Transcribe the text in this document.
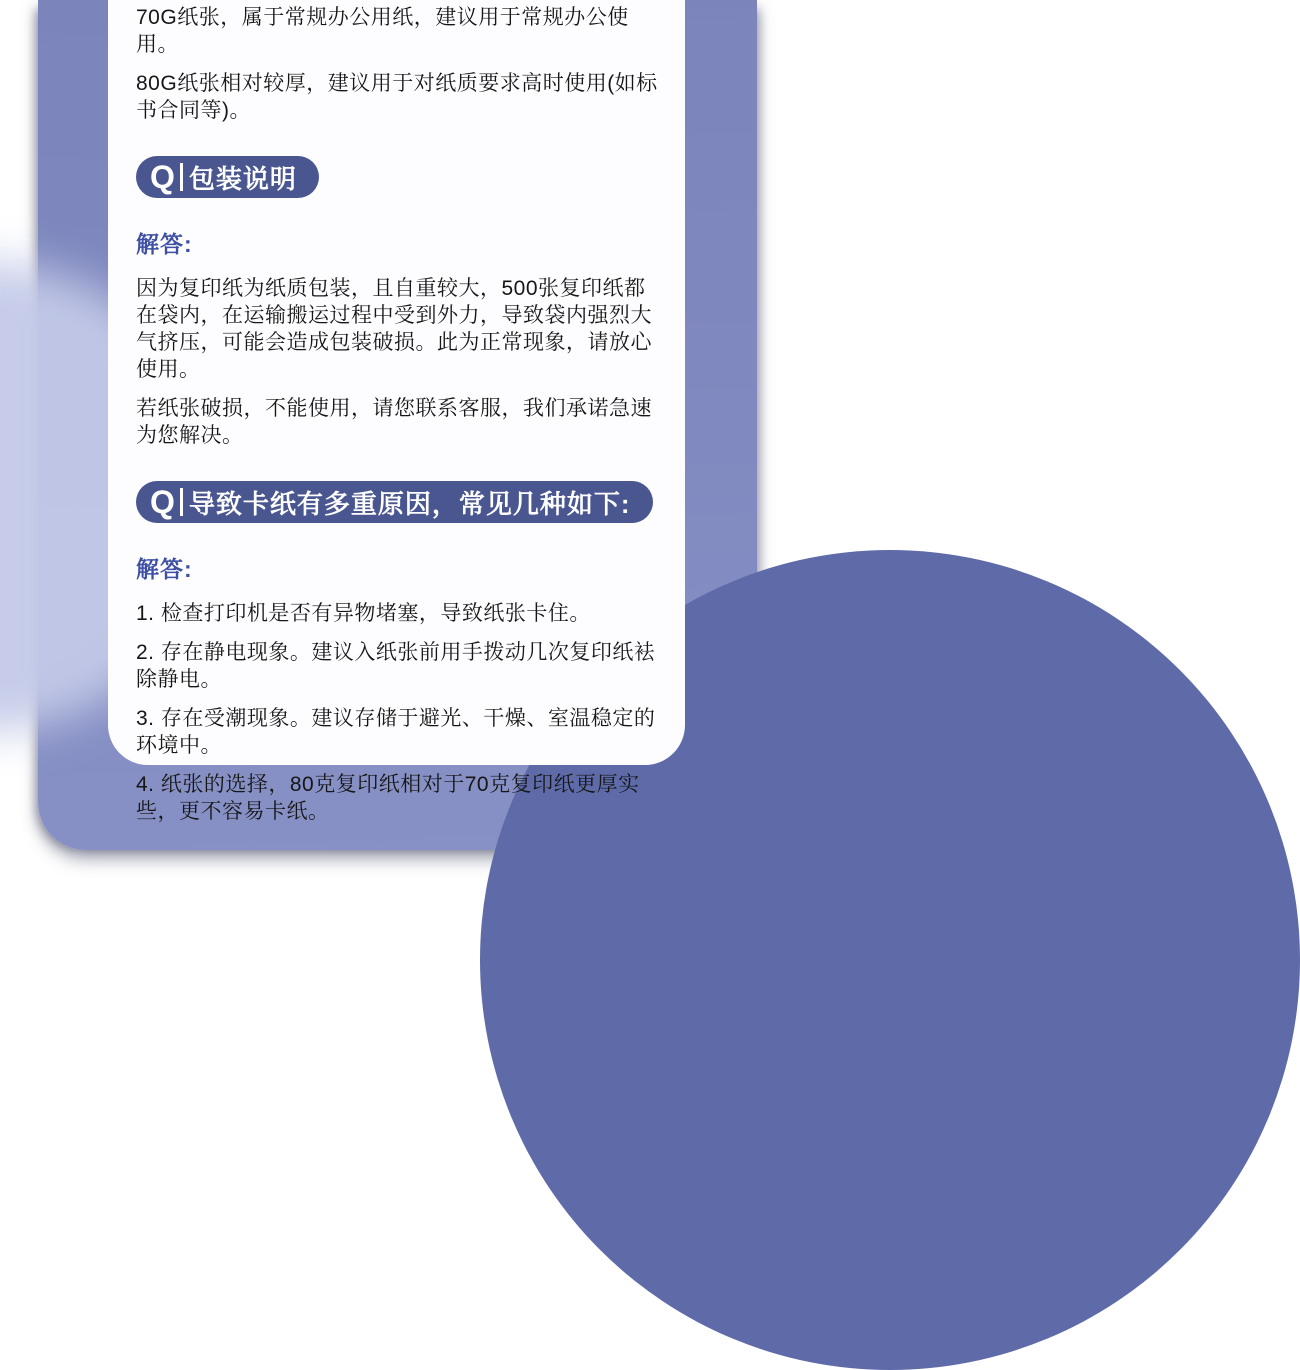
70G纸张，属于常规办公用纸，建议用于常规办公使用。

80G纸张相对较厚，建议用于对纸质要求高时使用(如标书合同等)。

Q 包装说明
解答:

因为复印纸为纸质包装，且自重较大，500张复印纸都在袋内，在运输搬运过程中受到外力，导致袋内强烈大气挤压，可能会造成包装破损。此为正常现象，请放心使用。

若纸张破损，不能使用，请您联系客服，我们承诺急速为您解决。

Q 导致卡纸有多重原因，常见几种如下:
解答:

1. 检查打印机是否有异物堵塞，导致纸张卡住。

2. 存在静电现象。建议入纸张前用手拨动几次复印纸袪除静电。

3. 存在受潮现象。建议存储于避光、干燥、室温稳定的环境中。

4. 纸张的选择，80克复印纸相对于70克复印纸更厚实些，更不容易卡纸。
